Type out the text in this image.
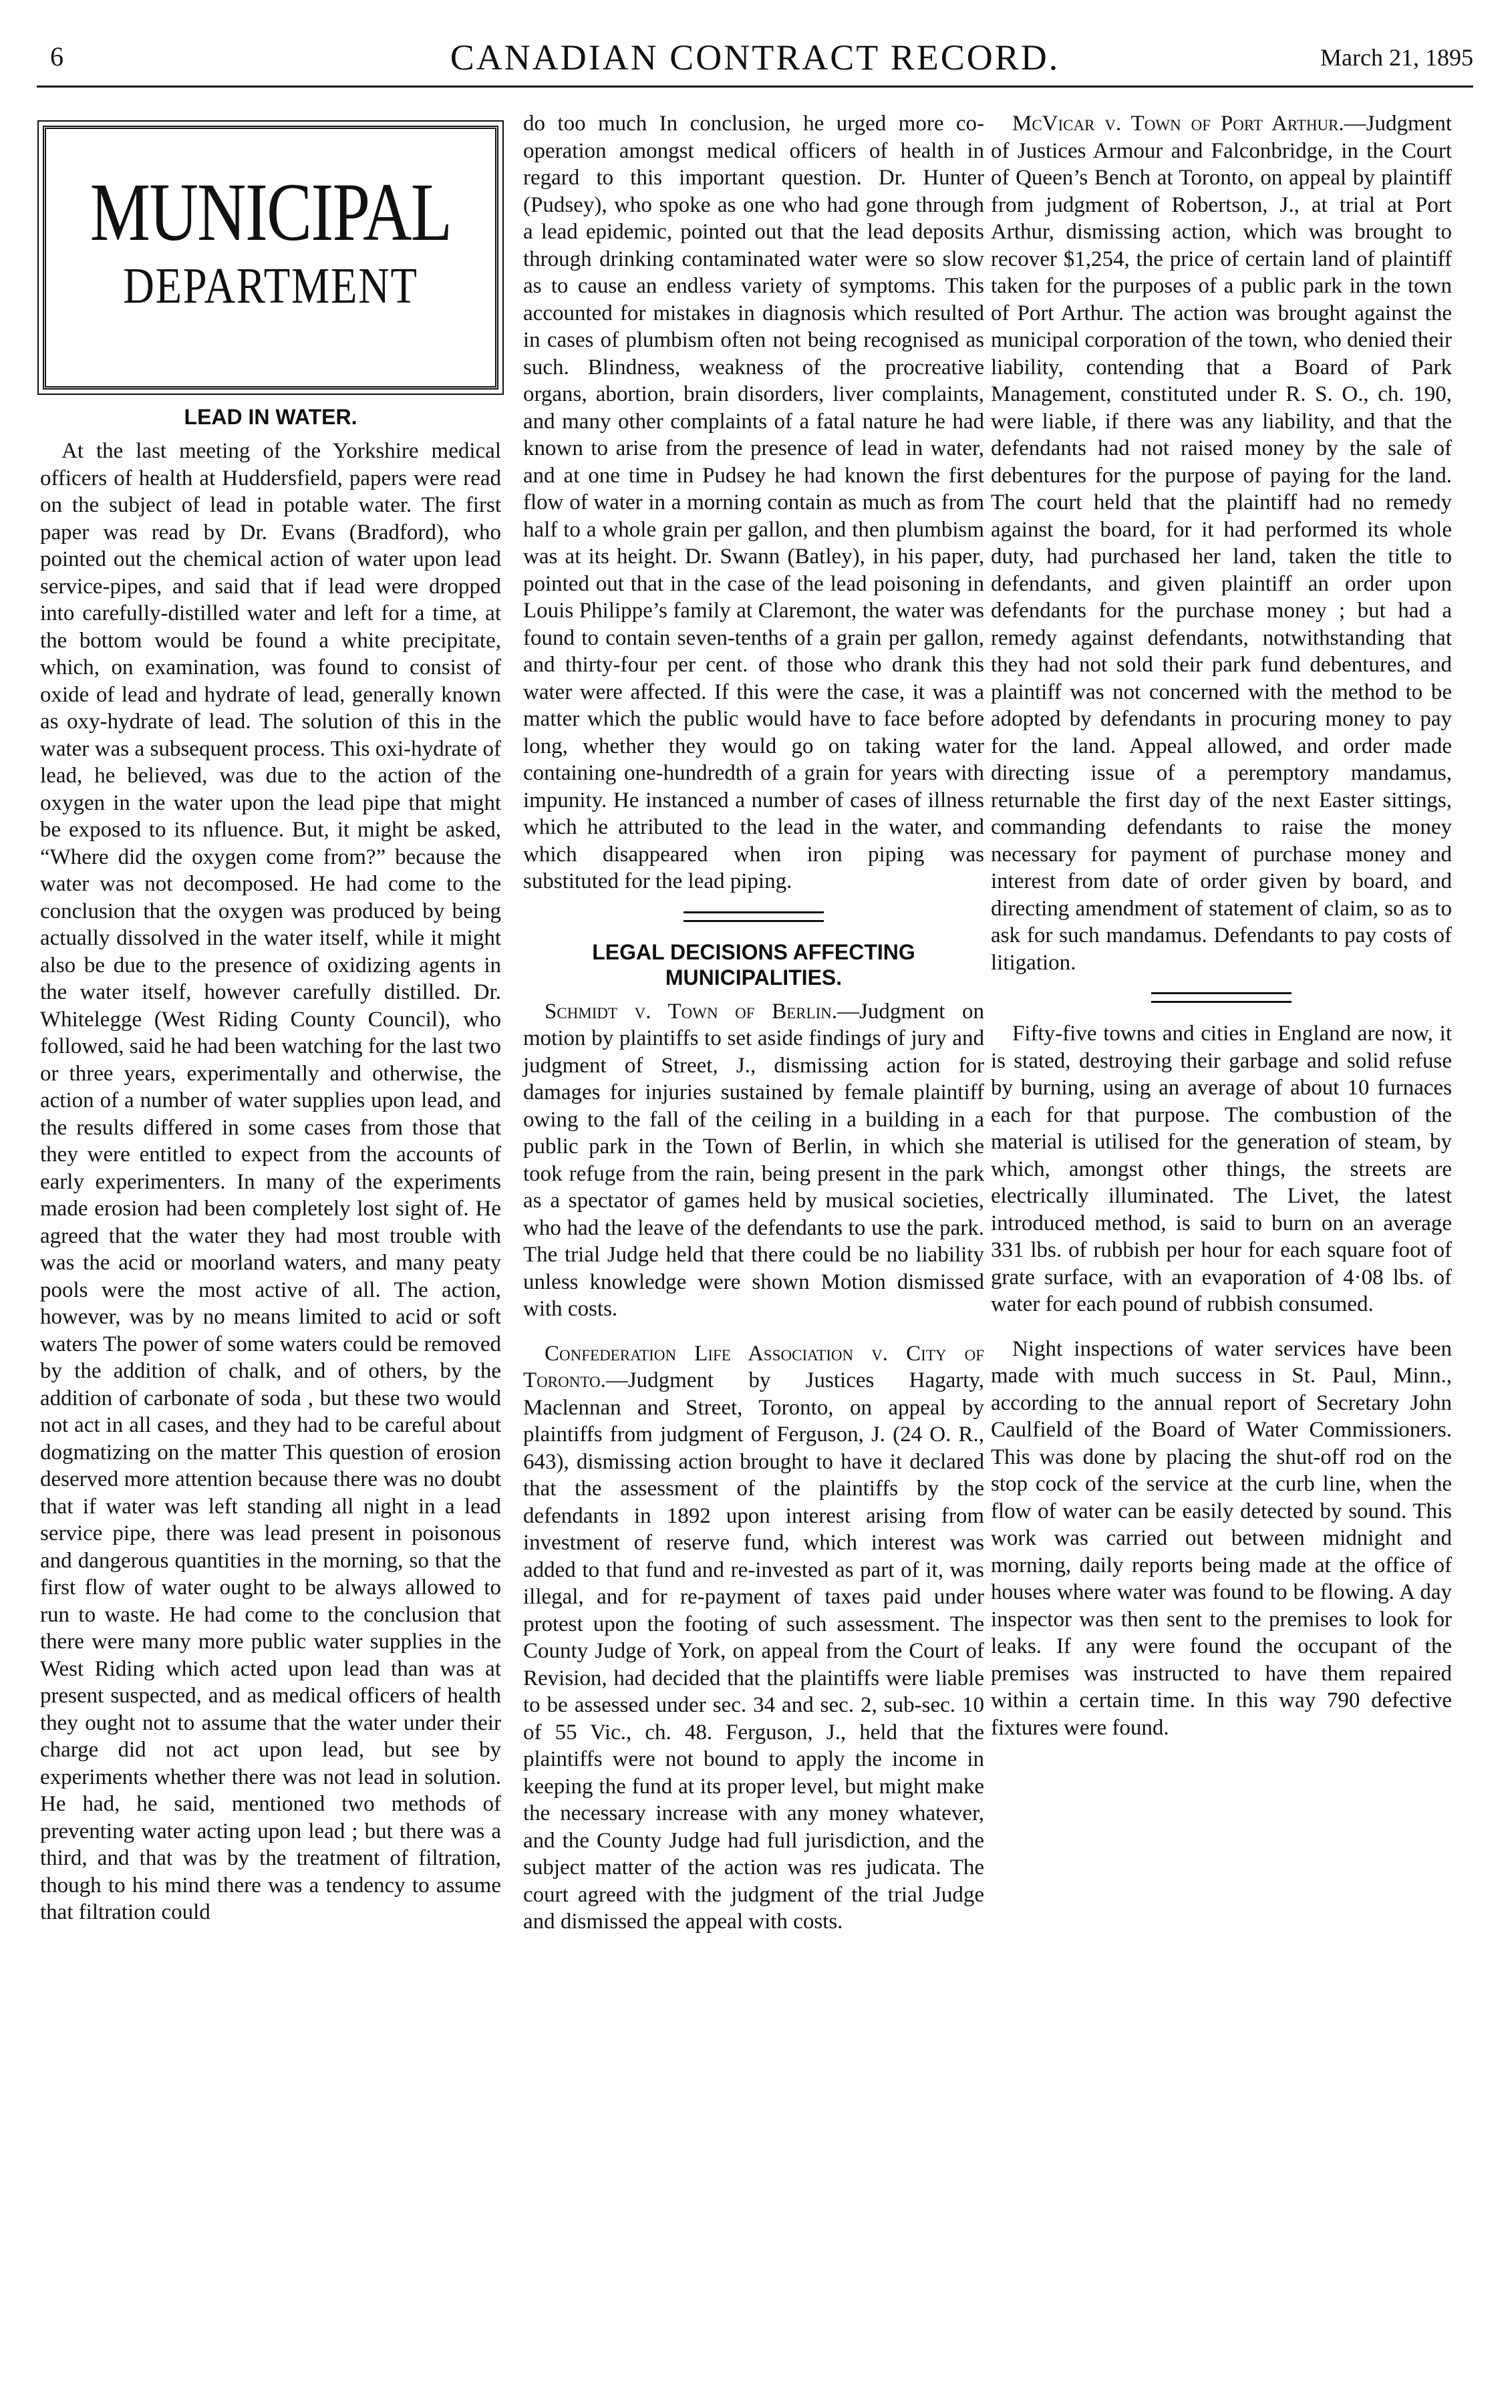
6	CANADIAN CONTRACT RECORD.	March 21, 1895
MUNICIPAL
DEPARTMENT
LEAD IN WATER.

At the last meeting of the Yorkshire medical officers of health at Huddersfield, papers were read on the subject of lead in potable water. The first paper was read by Dr. Evans (Bradford), who pointed out the chemical action of water upon lead service-pipes, and said that if lead were dropped into carefully-distilled water and left for a time, at the bottom would be found a white precipitate, which, on examination, was found to consist of oxide of lead and hydrate of lead, generally known as oxy-hydrate of lead. The solution of this in the water was a subsequent process. This oxi-hydrate of lead, he believed, was due to the action of the oxygen in the water upon the lead pipe that might be exposed to its nfluence. But, it might be asked, “Where did the oxygen come from?” because the water was not decomposed. He had come to the conclusion that the oxygen was produced by being actually dissolved in the water itself, while it might also be due to the presence of oxidizing agents in the water itself, however carefully distilled. Dr. Whitelegge (West Riding County Council), who followed, said he had been watching for the last two or three years, experimentally and otherwise, the action of a number of water supplies upon lead, and the results differed in some cases from those that they were entitled to expect from the accounts of early experimenters. In many of the experiments made erosion had been completely lost sight of. He agreed that the water they had most trouble with was the acid or moorland waters, and many peaty pools were the most active of all. The action, however, was by no means limited to acid or soft waters The power of some waters could be removed by the addition of chalk, and of others, by the addition of carbonate of soda , but these two would not act in all cases, and they had to be careful about dogmatizing on the matter This question of erosion deserved more attention because there was no doubt that if water was left standing all night in a lead service pipe, there was lead present in poisonous and dangerous quantities in the morning, so that the first flow of water ought to be always allowed to run to waste. He had come to the conclusion that there were many more public water supplies in the West Riding which acted upon lead than was at present suspected, and as medical officers of health they ought not to assume that the water under their charge did not act upon lead, but see by experiments whether there was not lead in solution. He had, he said, mentioned two methods of preventing water acting upon lead ; but there was a third, and that was by the treatment of filtration, though to his mind there was a tendency to assume that filtration could

do too much In conclusion, he urged more co-operation amongst medical officers of health in regard to this important question. Dr. Hunter (Pudsey), who spoke as one who had gone through a lead epidemic, pointed out that the lead deposits through drinking contaminated water were so slow as to cause an endless variety of symptoms. This accounted for mistakes in diagnosis which resulted in cases of plumbism often not being recognised as such. Blindness, weakness of the procreative organs, abortion, brain disorders, liver complaints, and many other complaints of a fatal nature he had known to arise from the presence of lead in water, and at one time in Pudsey he had known the first flow of water in a morning contain as much as from half to a whole grain per gallon, and then plumbism was at its height. Dr. Swann (Batley), in his paper, pointed out that in the case of the lead poisoning in Louis Philippe’s family at Claremont, the water was found to contain seven-tenths of a grain per gallon, and thirty-four per cent. of those who drank this water were affected. If this were the case, it was a matter which the public would have to face before long, whether they would go on taking water containing one-hundredth of a grain for years with impunity. He instanced a number of cases of illness which he attributed to the lead in the water, and which disappeared when iron piping was substituted for the lead piping.

LEGAL DECISIONS AFFECTING MUNICIPALITIES.

Schmidt v. Town of Berlin.—Judgment on motion by plaintiffs to set aside findings of jury and judgment of Street, J., dismissing action for damages for injuries sustained by female plaintiff owing to the fall of the ceiling in a building in a public park in the Town of Berlin, in which she took refuge from the rain, being present in the park as a spectator of games held by musical societies, who had the leave of the defendants to use the park. The trial Judge held that there could be no liability unless knowledge were shown Motion dismissed with costs.

Confederation Life Association v. City of Toronto.—Judgment by Justices Hagarty, Maclennan and Street, Toronto, on appeal by plaintiffs from judgment of Ferguson, J. (24 O. R., 643), dismissing action brought to have it declared that the assessment of the plaintiffs by the defendants in 1892 upon interest arising from investment of reserve fund, which interest was added to that fund and re-invested as part of it, was illegal, and for re-payment of taxes paid under protest upon the footing of such assessment. The County Judge of York, on appeal from the Court of Revision, had decided that the plaintiffs were liable to be assessed under sec. 34 and sec. 2, sub-sec. 10 of 55 Vic., ch. 48. Ferguson, J., held that the plaintiffs were not bound to apply the income in keeping the fund at its proper level, but might make the necessary increase with any money whatever, and the County Judge had full jurisdiction, and the subject matter of the action was res judicata. The court agreed with the judgment of the trial Judge and dismissed the appeal with costs.

McVicar v. Town of Port Arthur.—Judgment of Justices Armour and Falconbridge, in the Court of Queen’s Bench at Toronto, on appeal by plaintiff from judgment of Robertson, J., at trial at Port Arthur, dismissing action, which was brought to recover $1,254, the price of certain land of plaintiff taken for the purposes of a public park in the town of Port Arthur. The action was brought against the municipal corporation of the town, who denied their liability, contending that a Board of Park Management, constituted under R. S. O., ch. 190, were liable, if there was any liability, and that the defendants had not raised money by the sale of debentures for the purpose of paying for the land. The court held that the plaintiff had no remedy against the board, for it had performed its whole duty, had purchased her land, taken the title to defendants, and given plaintiff an order upon defendants for the purchase money ; but had a remedy against defendants, notwithstanding that they had not sold their park fund debentures, and plaintiff was not concerned with the method to be adopted by defendants in procuring money to pay for the land. Appeal allowed, and order made directing issue of a peremptory mandamus, returnable the first day of the next Easter sittings, commanding defendants to raise the money necessary for payment of purchase money and interest from date of order given by board, and directing amendment of statement of claim, so as to ask for such mandamus. Defendants to pay costs of litigation.

Fifty-five towns and cities in England are now, it is stated, destroying their garbage and solid refuse by burning, using an average of about 10 furnaces each for that purpose. The combustion of the material is utilised for the generation of steam, by which, amongst other things, the streets are electrically illuminated. The Livet, the latest introduced method, is said to burn on an average 331 lbs. of rubbish per hour for each square foot of grate surface, with an evaporation of 4·08 lbs. of water for each pound of rubbish consumed.

Night inspections of water services have been made with much success in St. Paul, Minn., according to the annual report of Secretary John Caulfield of the Board of Water Commissioners. This was done by placing the shut-off rod on the stop cock of the service at the curb line, when the flow of water can be easily detected by sound. This work was carried out between midnight and morning, daily reports being made at the office of houses where water was found to be flowing. A day inspector was then sent to the premises to look for leaks. If any were found the occupant of the premises was instructed to have them repaired within a certain time. In this way 790 defective fixtures were found.
